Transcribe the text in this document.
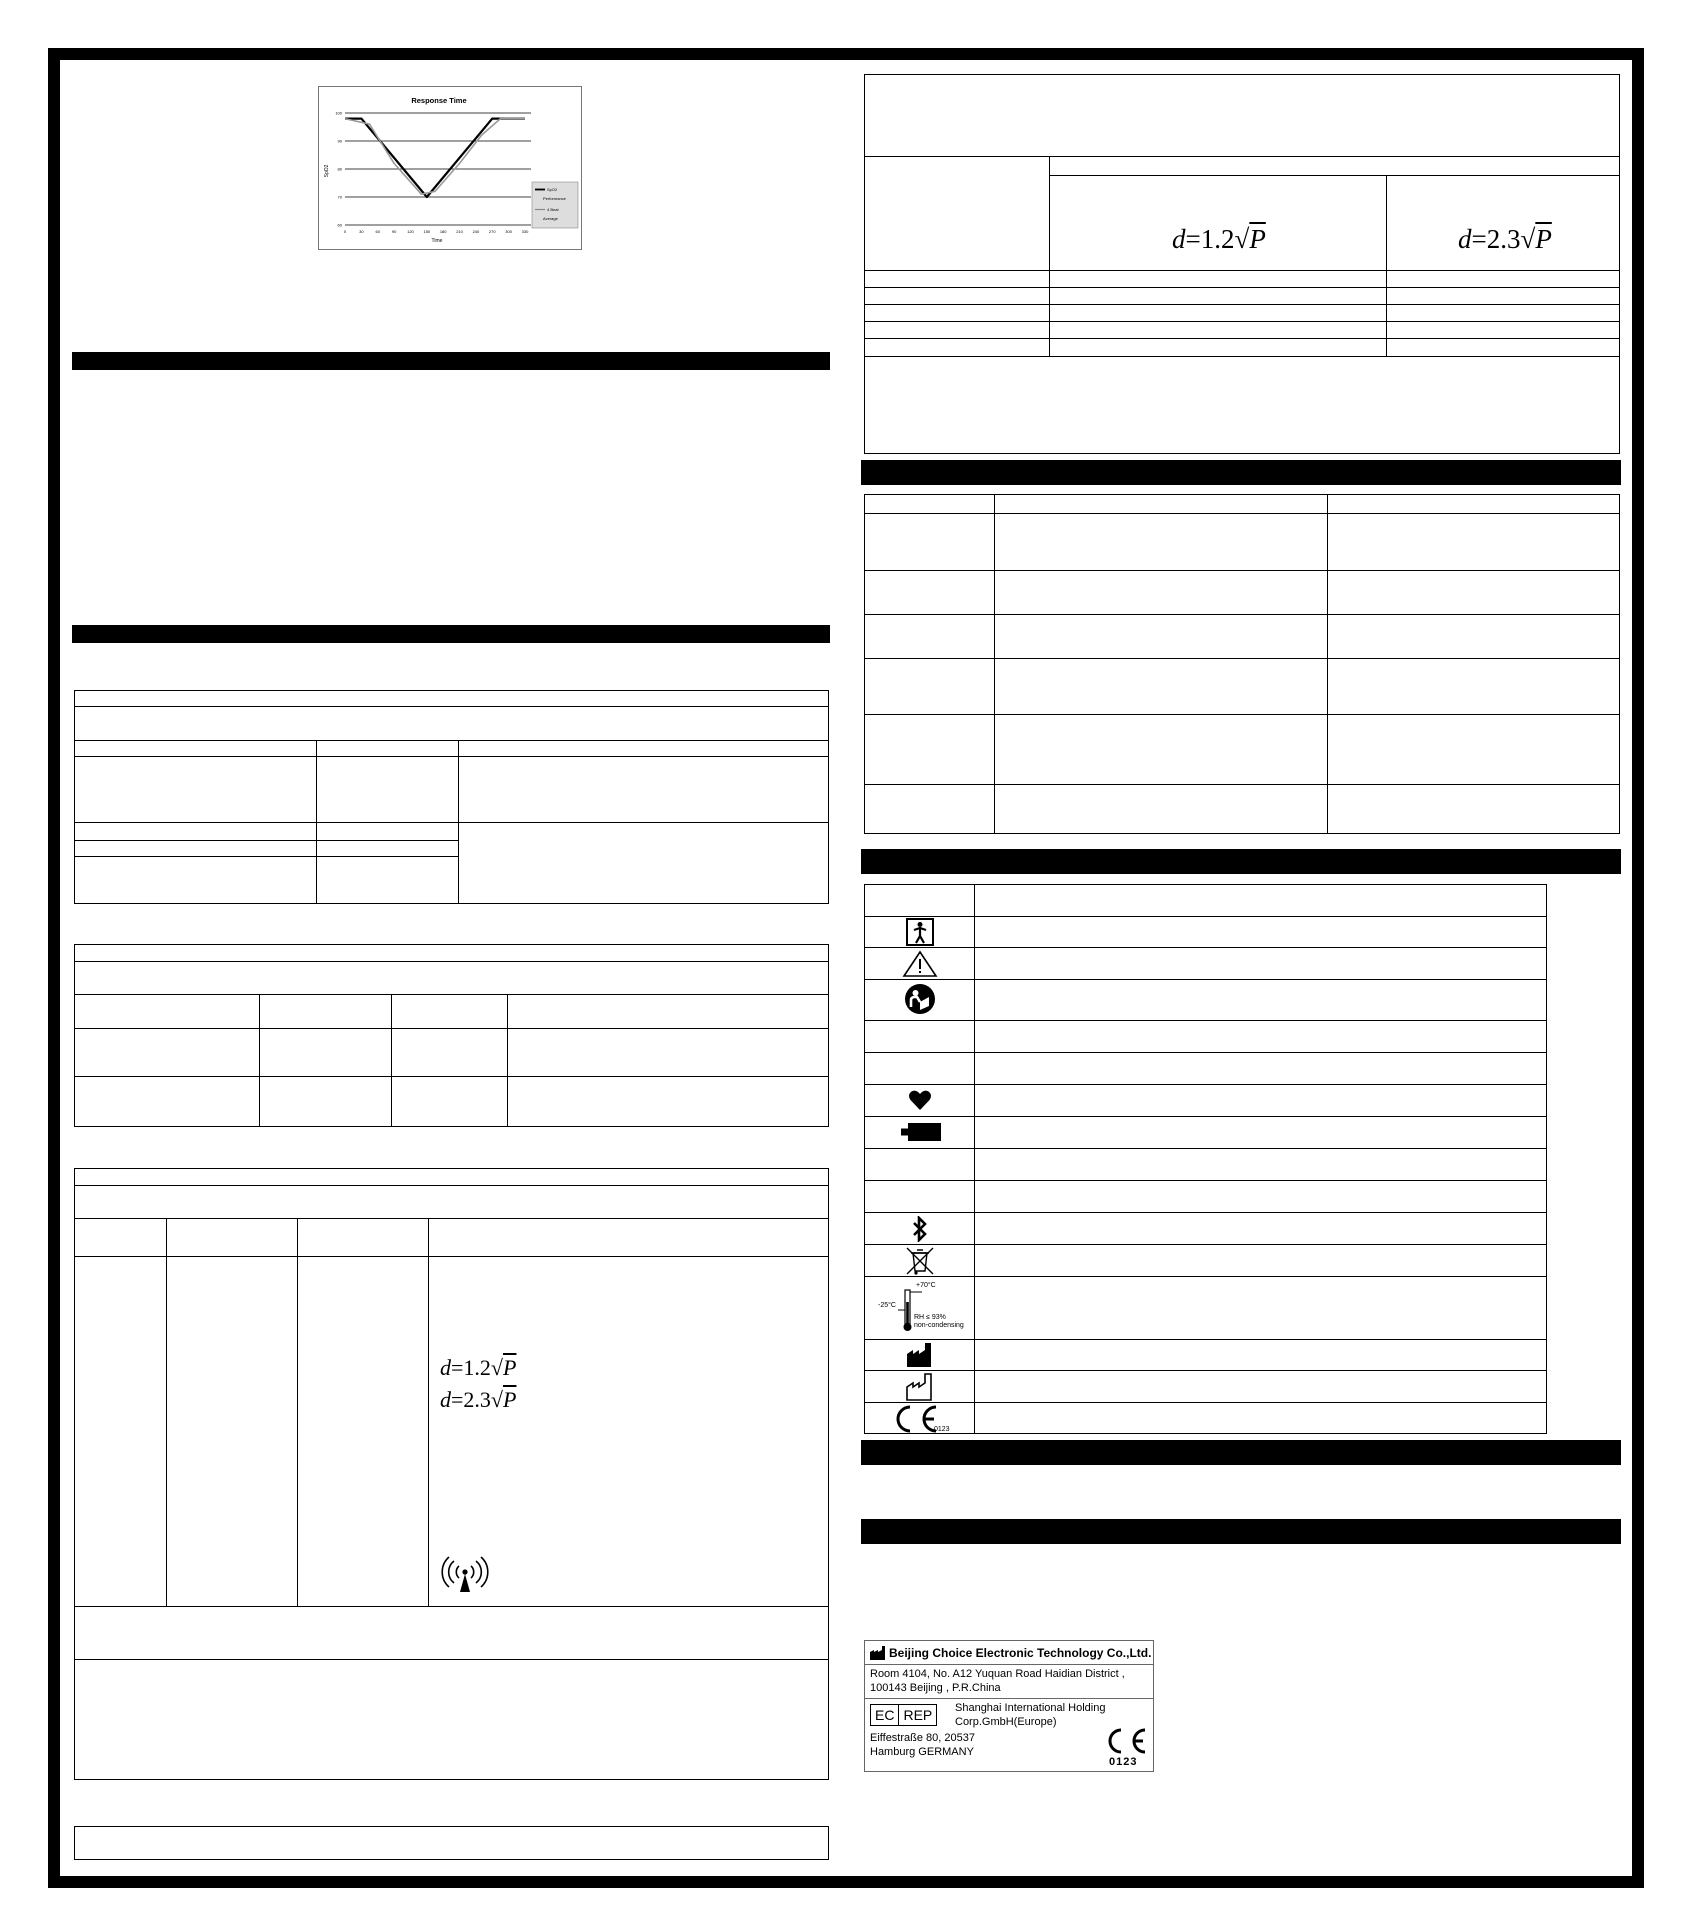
Response Time
100
90
80
70
60
0	30	60	90	120 150 180 210 240 270 300 330
Time
SpO2
SpO2
Performance
4 Beat
Average
d=1.2√P
d=2.3√P
d=1.2√P	d=2.3√P
+70°C
-25°C
RH ≤ 93%
non-condensing
0123
Beijing Choice Electronic Technology Co.,Ltd.
Room 4104, No. A12 Yuquan Road Haidian District ,
100143 Beijing , P.R.China
EC REP	Shanghai International Holding
Corp.GmbH(Europe)
Eiffestraße 80, 20537
Hamburg GERMANY
0123
